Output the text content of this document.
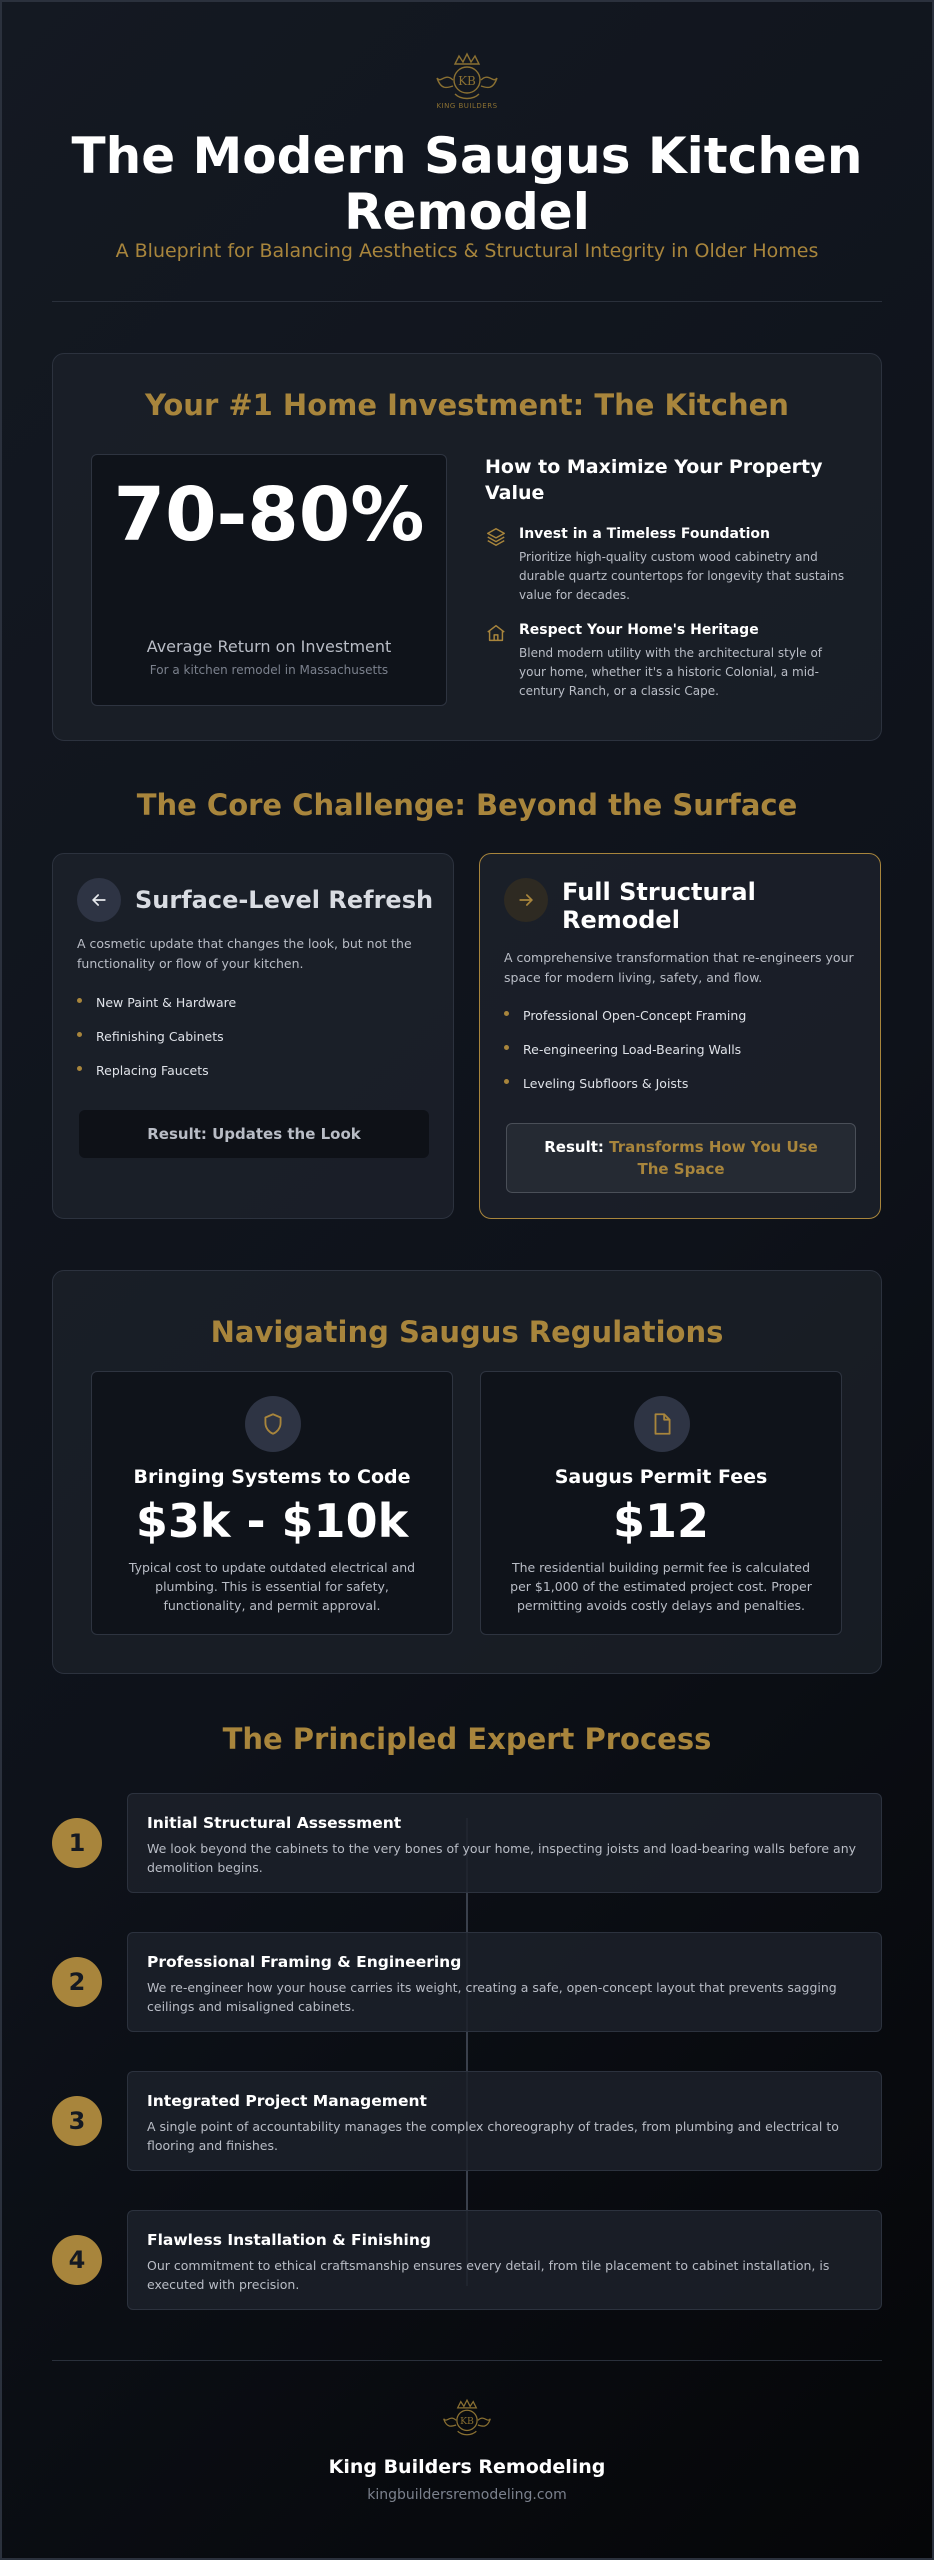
KB
KING BUILDERS
The Modern Saugus Kitchen Remodel
A Blueprint for Balancing Aesthetics & Structural Integrity in Older Homes
Your #1 Home Investment: The Kitchen
70-80%
Average Return on Investment
For a kitchen remodel in Massachusetts
How to Maximize Your Property Value
Invest in a Timeless Foundation
Prioritize high-quality custom wood cabinetry and durable quartz countertops for longevity that sustains value for decades.
Respect Your Home's Heritage
Blend modern utility with the architectural style of your home, whether it's a historic Colonial, a mid-century Ranch, or a classic Cape.
The Core Challenge: Beyond the Surface
Surface-Level Refresh
A cosmetic update that changes the look, but not the functionality or flow of your kitchen.
New Paint & Hardware
Refinishing Cabinets
Replacing Faucets
Result: Updates the Look
Full Structural Remodel
A comprehensive transformation that re-engineers your space for modern living, safety, and flow.
Professional Open-Concept Framing
Re-engineering Load-Bearing Walls
Leveling Subfloors & Joists
Result: Transforms How You Use The Space
Navigating Saugus Regulations
Bringing Systems to Code
$3k - $10k
Typical cost to update outdated electrical and plumbing. This is essential for safety, functionality, and permit approval.
Saugus Permit Fees
$12
The residential building permit fee is calculated per $1,000 of the estimated project cost. Proper permitting avoids costly delays and penalties.
The Principled Expert Process
1
Initial Structural Assessment
We look beyond the cabinets to the very bones of your home, inspecting joists and load-bearing walls before any demolition begins.
2
Professional Framing & Engineering
We re-engineer how your house carries its weight, creating a safe, open-concept layout that prevents sagging ceilings and misaligned cabinets.
3
Integrated Project Management
A single point of accountability manages the complex choreography of trades, from plumbing and electrical to flooring and finishes.
4
Flawless Installation & Finishing
Our commitment to ethical craftsmanship ensures every detail, from tile placement to cabinet installation, is executed with precision.
KB
King Builders Remodeling
kingbuildersremodeling.com
